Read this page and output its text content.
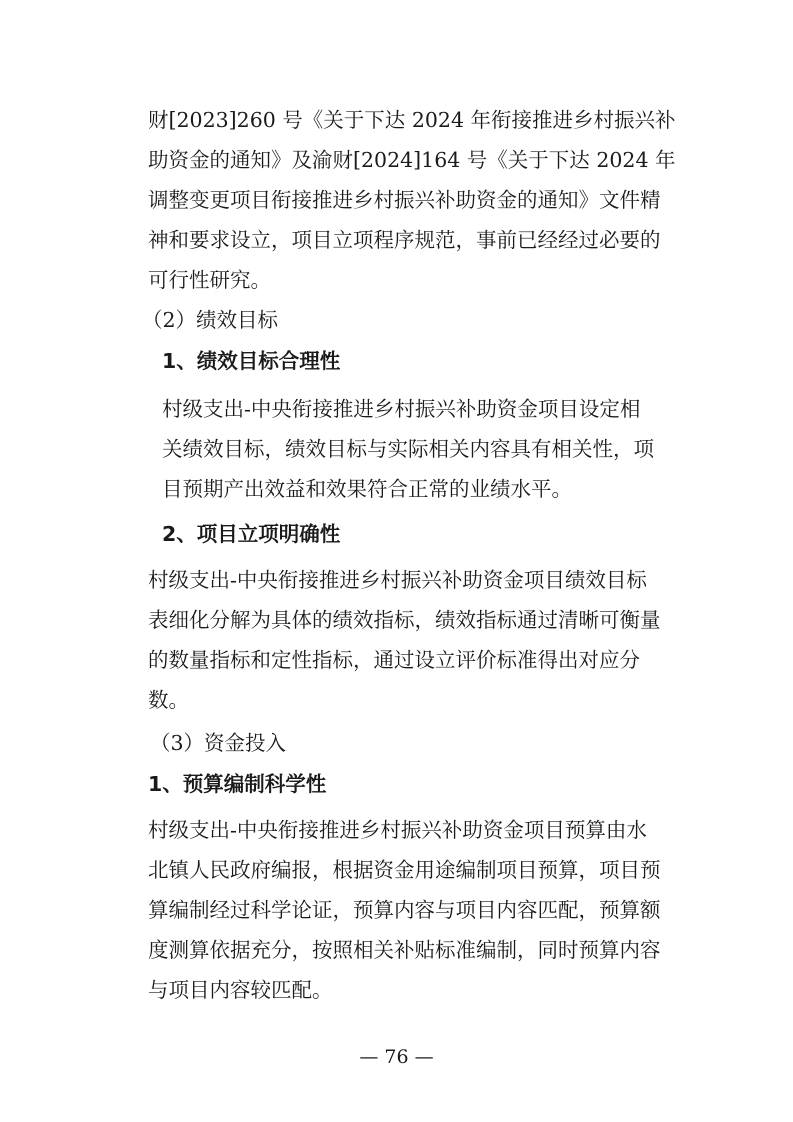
财[2023]260 号《关于下达 2024 年衔接推进乡村振兴补
助资金的通知》及渝财[2024]164 号《关于下达 2024 年
调整变更项目衔接推进乡村振兴补助资金的通知》文件精
神和要求设立，项目立项程序规范，事前已经经过必要的
可行性研究。
（2）绩效目标
1、绩效目标合理性
村级支出-中央衔接推进乡村振兴补助资金项目设定相
关绩效目标，绩效目标与实际相关内容具有相关性，项
目预期产出效益和效果符合正常的业绩水平。
2、项目立项明确性
村级支出-中央衔接推进乡村振兴补助资金项目绩效目标
表细化分解为具体的绩效指标，绩效指标通过清晰可衡量
的数量指标和定性指标，通过设立评价标准得出对应分
数。
（3）资金投入
1、预算编制科学性
村级支出-中央衔接推进乡村振兴补助资金项目预算由水
北镇人民政府编报，根据资金用途编制项目预算，项目预
算编制经过科学论证，预算内容与项目内容匹配，预算额
度测算依据充分，按照相关补贴标准编制，同时预算内容
与项目内容较匹配。
— 76 —
